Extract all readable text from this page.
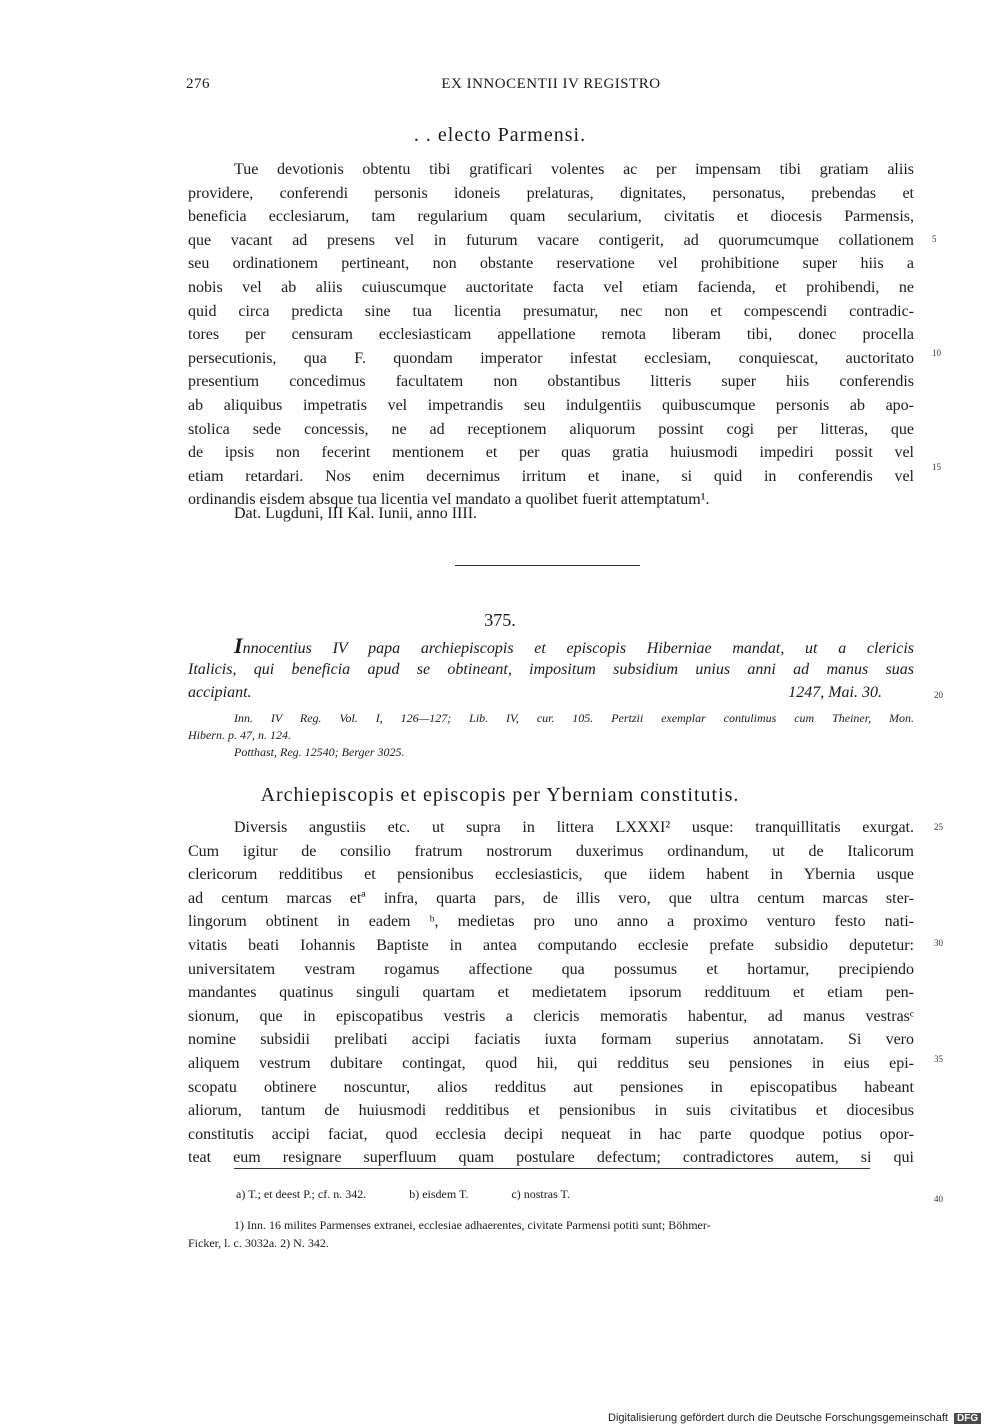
276	EX INNOCENTII IV REGISTRO
. . electo Parmensi.
Tue devotionis obtentu tibi gratificari volentes ac per impensam tibi gratiam aliis
providere, conferendi personis idoneis prelaturas, dignitates, personatus, prebendas et
beneficia ecclesiarum, tam regularium quam secularium, civitatis et diocesis Parmensis,
que vacant ad presens vel in futurum vacare contigerit, ad quorumcumque collationem
seu ordinationem pertineant, non obstante reservatione vel prohibitione super hiis a
nobis vel ab aliis cuiuscumque auctoritate facta vel etiam facienda, et prohibendi, ne
quid circa predicta sine tua licentia presumatur, nec non et compescendi contradic-
tores per censuram ecclesiasticam appellatione remota liberam tibi, donec procella
persecutionis, qua F. quondam imperator infestat ecclesiam, conquiescat, auctoritato
presentium concedimus facultatem non obstantibus litteris super hiis conferendis
ab aliquibus impetratis vel impetrandis seu indulgentiis quibuscumque personis ab apo-
stolica sede concessis, ne ad receptionem aliquorum possint cogi per litteras, que
de ipsis non fecerint mentionem et per quas gratia huiusmodi impediri possit vel
etiam retardari. Nos enim decernimus irritum et inane, si quid in conferendis vel
ordinandis eisdem absque tua licentia vel mandato a quolibet fuerit attemptatum¹.
5
10
15
Dat. Lugduni, III Kal. Iunii, anno IIII.
375.
Innocentius IV papa archiepiscopis et episcopis Hiberniae mandat, ut a clericis
Italicis, qui beneficia apud se obtineant, impositum subsidium unius anni ad manus suas
accipiant.	1247, Mai. 30.	20
Inn. IV Reg. Vol. I, 126—127; Lib. IV, cur. 105. Pertzii exemplar contulimus cum Theiner, Mon.
Hibern. p. 47, n. 124.
Potthast, Reg. 12540; Berger 3025.
Archiepiscopis et episcopis per Yberniam constitutis.
Diversis angustiis etc. ut supra in littera LXXXI² usque: tranquillitatis exurgat.
Cum igitur de consilio fratrum nostrorum duxerimus ordinandum, ut de Italicorum
clericorum redditibus et pensionibus ecclesiasticis, que iidem habent in Ybernia usque
ad centum marcas etª infra, quarta pars, de illis vero, que ultra centum marcas ster-
lingorum obtinent in eadem ᵇ, medietas pro uno anno a proximo venturo festo nati-
vitatis beati Iohannis Baptiste in antea computando ecclesie prefate subsidio deputetur:
universitatem vestram rogamus affectione qua possumus et hortamur, precipiendo
mandantes quatinus singuli quartam et medietatem ipsorum reddituum et etiam pen-
sionum, que in episcopatibus vestris a clericis memoratis habentur, ad manus vestrasᶜ
nomine subsidii prelibati accipi faciatis iuxta formam superius annotatam. Si vero
aliquem vestrum dubitare contingat, quod hii, qui redditus seu pensiones in eius epi-
scopatu obtinere noscuntur, alios redditus aut pensiones in episcopatibus habeant
aliorum, tantum de huiusmodi redditibus et pensionibus in suis civitatibus et diocesibus
constitutis accipi faciat, quod ecclesia decipi nequeat in hac parte quodque potius opor-
teat eum resignare superfluum quam postulare defectum; contradictores autem, si qui
25
30
35
40
a) T.; et deest P.; cf. n. 342.	b) eisdem T.	c) nostras T.
1) Inn. 16 milites Parmenses extranei, ecclesiae adhaerentes, civitate Parmensi potiti sunt; Böhmer-
Ficker, l. c. 3032a. 2) N. 342.
Digitalisierung gefördert durch die Deutsche Forschungsgemeinschaft DFG
